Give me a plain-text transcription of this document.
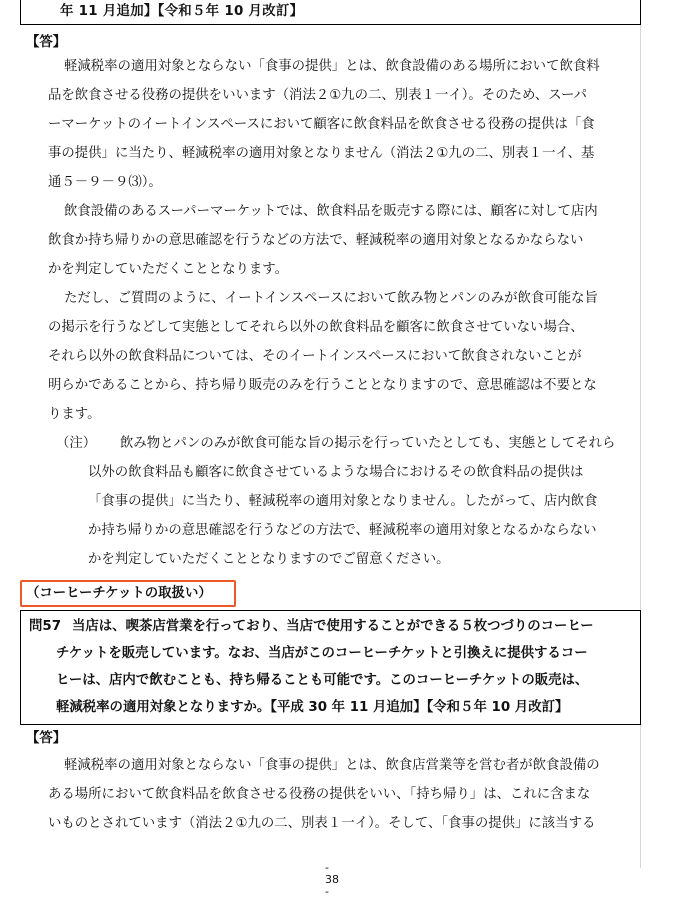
年 11 月追加】【令和５年 10 月改訂】
【答】
軽減税率の適用対象とならない「食事の提供」とは、飲食設備のある場所において飲食料
品を飲食させる役務の提供をいいます（消法２①九の二、別表１一イ）。そのため、スーパ
ーマーケットのイートインスペースにおいて顧客に飲食料品を飲食させる役務の提供は「食
事の提供」に当たり、軽減税率の適用対象となりません（消法２①九の二、別表１一イ、基
通５－９－９⑶）。
飲食設備のあるスーパーマーケットでは、飲食料品を販売する際には、顧客に対して店内
飲食か持ち帰りかの意思確認を行うなどの方法で、軽減税率の適用対象となるかならない
かを判定していただくこととなります。
ただし、ご質問のように、イートインスペースにおいて飲み物とパンのみが飲食可能な旨
の掲示を行うなどして実態としてそれら以外の飲食料品を顧客に飲食させていない場合、
それら以外の飲食料品については、そのイートインスペースにおいて飲食されないことが
明らかであることから、持ち帰り販売のみを行うこととなりますので、意思確認は不要とな
ります。
（注） 飲み物とパンのみが飲食可能な旨の掲示を行っていたとしても、実態としてそれら
以外の飲食料品も顧客に飲食させているような場合におけるその飲食料品の提供は
「食事の提供」に当たり、軽減税率の適用対象となりません。したがって、店内飲食
か持ち帰りかの意思確認を行うなどの方法で、軽減税率の適用対象となるかならない
かを判定していただくこととなりますのでご留意ください。
（コーヒーチケットの取扱い）
問57 当店は、喫茶店営業を行っており、当店で使用することができる５枚つづりのコーヒー
チケットを販売しています。なお、当店がこのコーヒーチケットと引換えに提供するコー
ヒーは、店内で飲むことも、持ち帰ることも可能です。このコーヒーチケットの販売は、
軽減税率の適用対象となりますか。【平成 30 年 11 月追加】【令和５年 10 月改訂】
【答】
軽減税率の適用対象とならない「食事の提供」とは、飲食店営業等を営む者が飲食設備の
ある場所において飲食料品を飲食させる役務の提供をいい、「持ち帰り」は、これに含まな
いものとされています（消法２①九の二、別表１一イ）。そして、「食事の提供」に該当する
- 38 -
